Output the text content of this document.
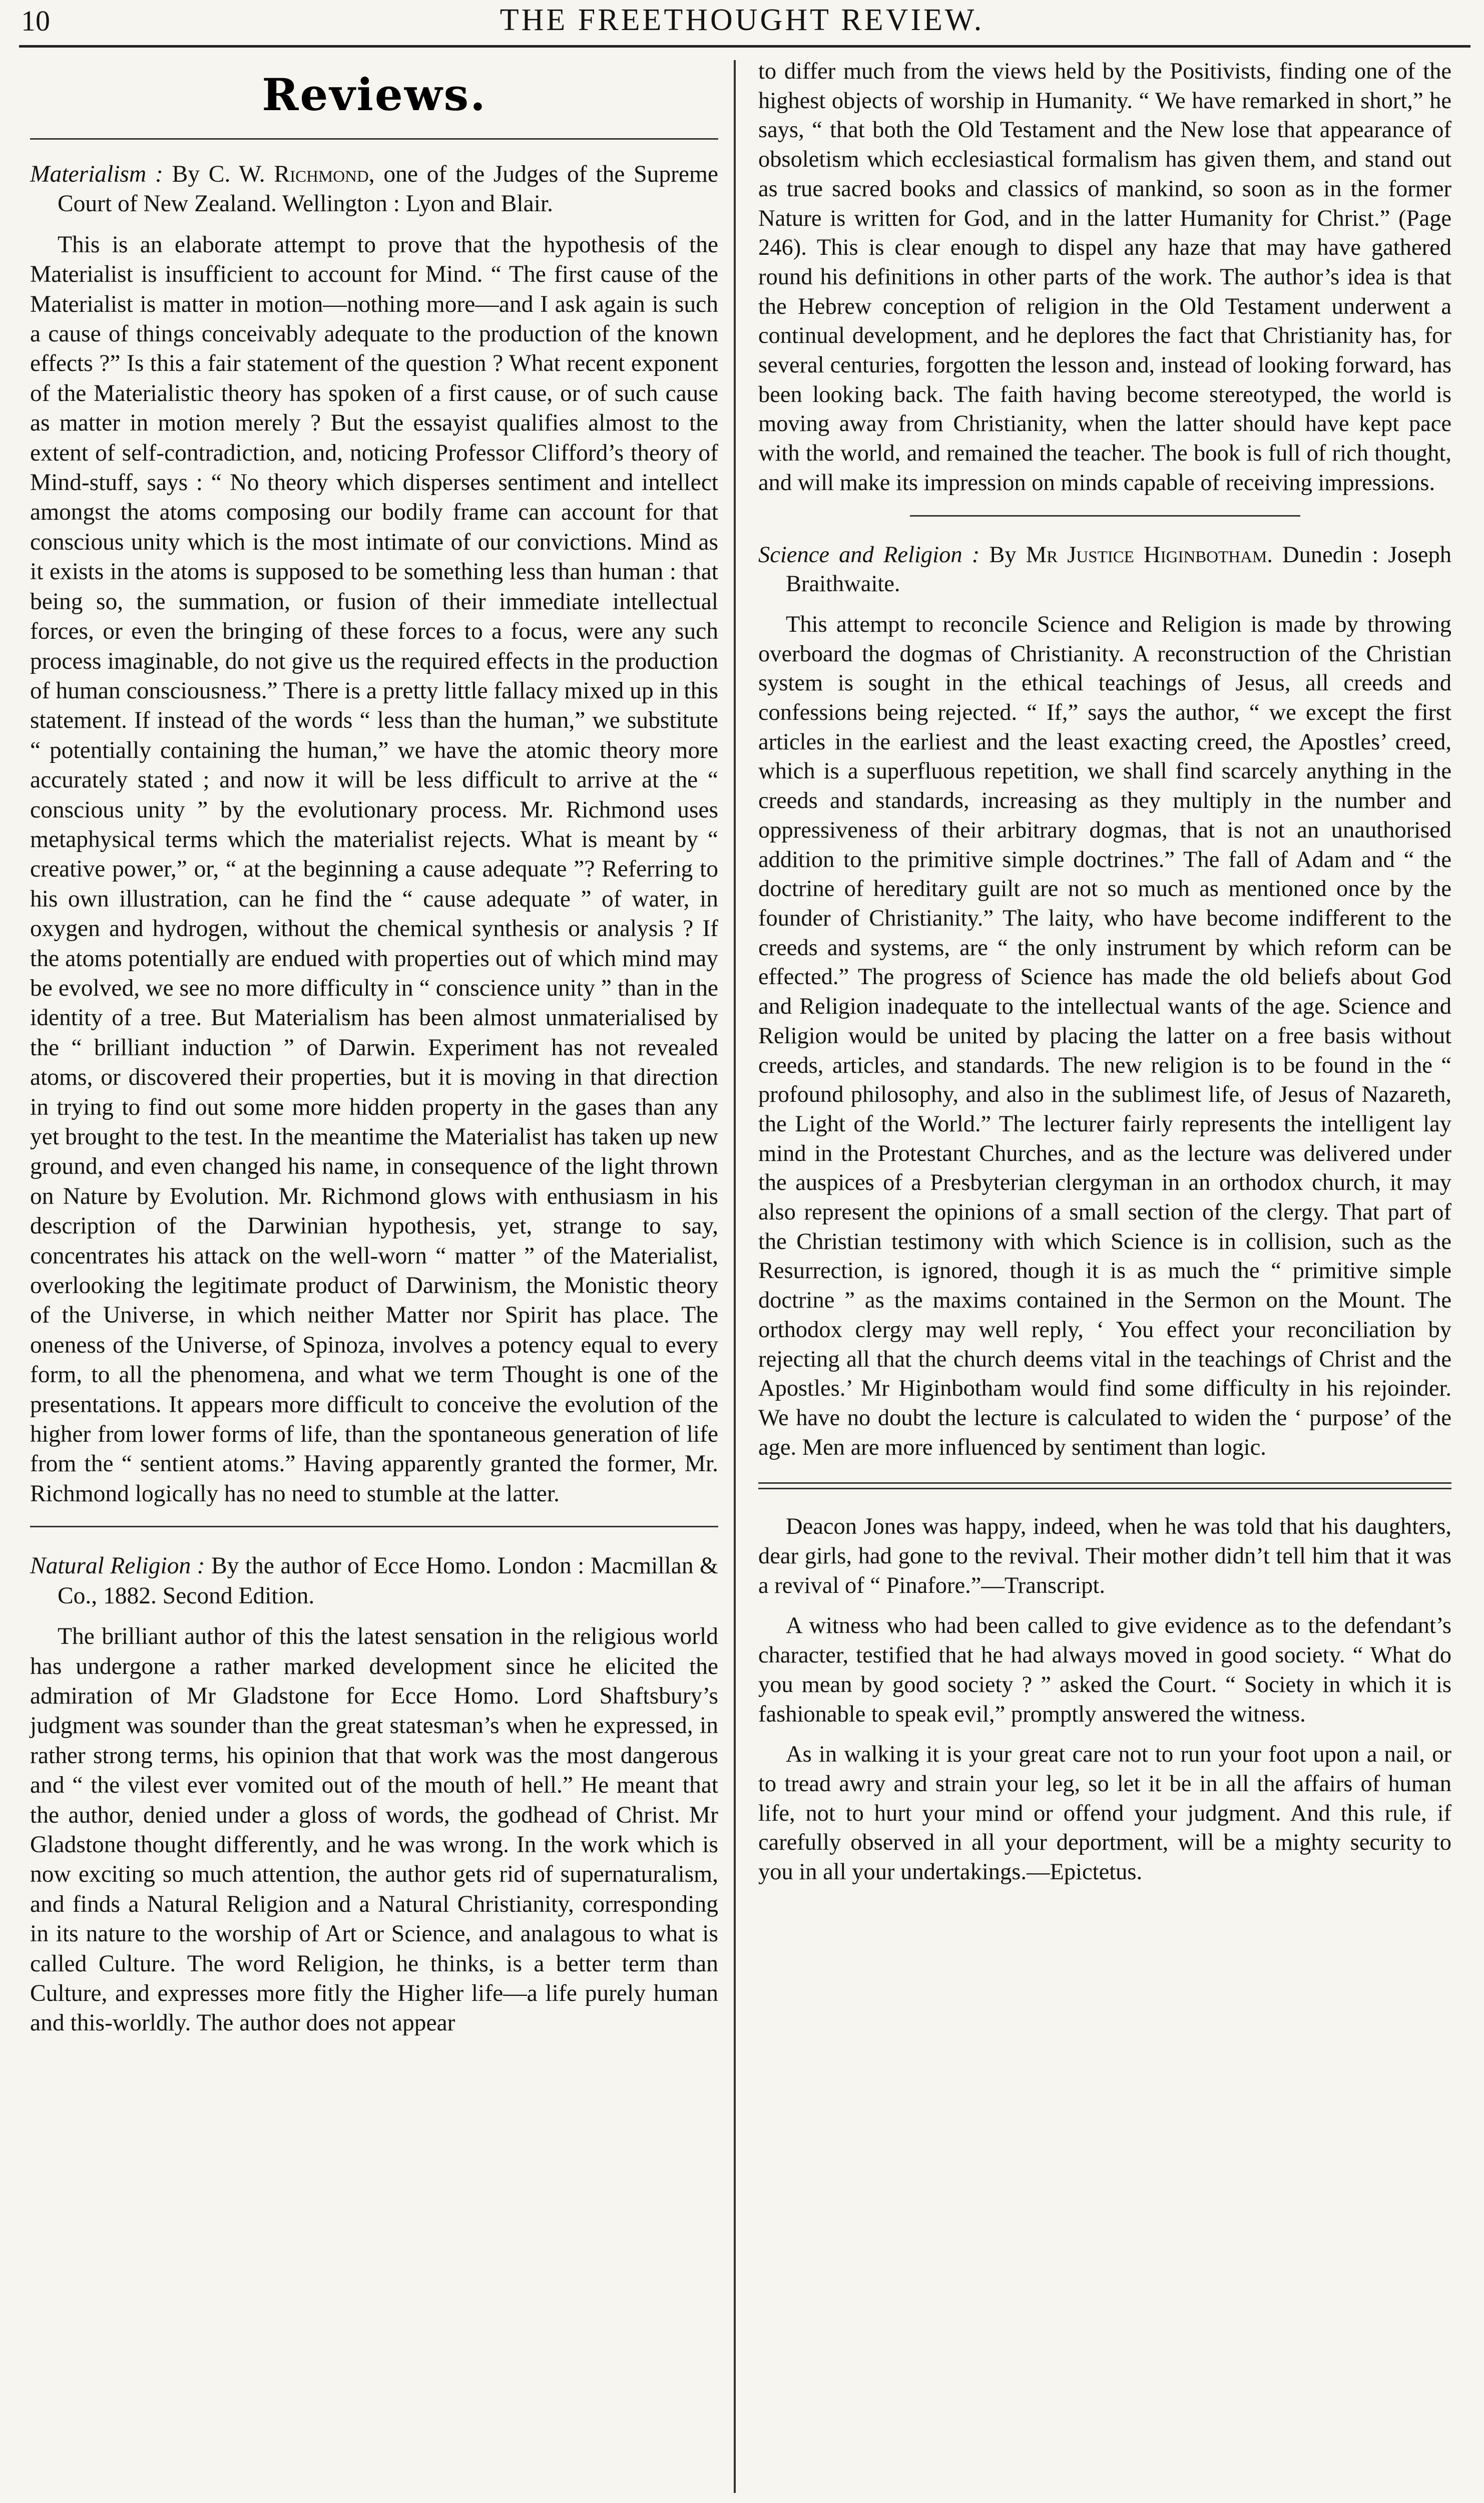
10	THE FREETHOUGHT REVIEW.
Reviews.

Materialism : By C. W. Richmond, one of the Judges of the Supreme Court of New Zealand. Wellington : Lyon and Blair.

This is an elaborate attempt to prove that the hypothesis of the Materialist is insufficient to account for Mind. “ The first cause of the Materialist is matter in motion—nothing more—and I ask again is such a cause of things conceivably adequate to the production of the known effects ?” Is this a fair statement of the question ? What recent exponent of the Materialistic theory has spoken of a first cause, or of such cause as matter in motion merely ? But the essayist qualifies almost to the extent of self-contradiction, and, noticing Professor Clifford’s theory of Mind-stuff, says : “ No theory which disperses sentiment and intellect amongst the atoms composing our bodily frame can account for that conscious unity which is the most intimate of our convictions. Mind as it exists in the atoms is supposed to be something less than human : that being so, the summation, or fusion of their immediate intellectual forces, or even the bringing of these forces to a focus, were any such process imaginable, do not give us the required effects in the production of human consciousness.” There is a pretty little fallacy mixed up in this statement. If instead of the words “ less than the human,” we substitute “ potentially containing the human,” we have the atomic theory more accurately stated ; and now it will be less difficult to arrive at the “ conscious unity ” by the evolutionary process. Mr. Richmond uses metaphysical terms which the materialist rejects. What is meant by “ creative power,” or, “ at the beginning a cause adequate ”? Referring to his own illustration, can he find the “ cause adequate ” of water, in oxygen and hydrogen, without the chemical synthesis or analysis ? If the atoms potentially are endued with properties out of which mind may be evolved, we see no more difficulty in “ conscience unity ” than in the identity of a tree. But Materialism has been almost unmaterialised by the “ brilliant induction ” of Darwin. Experiment has not revealed atoms, or discovered their properties, but it is moving in that direction in trying to find out some more hidden property in the gases than any yet brought to the test. In the meantime the Materialist has taken up new ground, and even changed his name, in consequence of the light thrown on Nature by Evolution. Mr. Richmond glows with enthusiasm in his description of the Darwinian hypothesis, yet, strange to say, concentrates his attack on the well-worn “ matter ” of the Materialist, overlooking the legitimate product of Darwinism, the Monistic theory of the Universe, in which neither Matter nor Spirit has place. The oneness of the Universe, of Spinoza, involves a potency equal to every form, to all the phenomena, and what we term Thought is one of the presentations. It appears more difficult to conceive the evolution of the higher from lower forms of life, than the spontaneous generation of life from the “ sentient atoms.” Having apparently granted the former, Mr. Richmond logically has no need to stumble at the latter.

Natural Religion : By the author of Ecce Homo. London : Macmillan & Co., 1882. Second Edition.

The brilliant author of this the latest sensation in the religious world has undergone a rather marked development since he elicited the admiration of Mr Gladstone for Ecce Homo. Lord Shaftsbury’s judgment was sounder than the great statesman’s when he expressed, in rather strong terms, his opinion that that work was the most dangerous and “ the vilest ever vomited out of the mouth of hell.” He meant that the author, denied under a gloss of words, the godhead of Christ. Mr Gladstone thought differently, and he was wrong. In the work which is now exciting so much attention, the author gets rid of supernaturalism, and finds a Natural Religion and a Natural Christianity, corresponding in its nature to the worship of Art or Science, and analagous to what is called Culture. The word Religion, he thinks, is a better term than Culture, and expresses more fitly the Higher life—a life purely human and this-worldly. The author does not appear

to differ much from the views held by the Positivists, finding one of the highest objects of worship in Humanity. “ We have remarked in short,” he says, “ that both the Old Testament and the New lose that appearance of obsoletism which ecclesiastical formalism has given them, and stand out as true sacred books and classics of mankind, so soon as in the former Nature is written for God, and in the latter Humanity for Christ.” (Page 246). This is clear enough to dispel any haze that may have gathered round his definitions in other parts of the work. The author’s idea is that the Hebrew conception of religion in the Old Testament underwent a continual development, and he deplores the fact that Christianity has, for several centuries, forgotten the lesson and, instead of looking forward, has been looking back. The faith having become stereotyped, the world is moving away from Christianity, when the latter should have kept pace with the world, and remained the teacher. The book is full of rich thought, and will make its impression on minds capable of receiving impressions.

Science and Religion : By Mr Justice Higinbotham. Dunedin : Joseph Braithwaite.

This attempt to reconcile Science and Religion is made by throwing overboard the dogmas of Christianity. A reconstruction of the Christian system is sought in the ethical teachings of Jesus, all creeds and confessions being rejected. “ If,” says the author, “ we except the first articles in the earliest and the least exacting creed, the Apostles’ creed, which is a superfluous repetition, we shall find scarcely anything in the creeds and standards, increasing as they multiply in the number and oppressiveness of their arbitrary dogmas, that is not an unauthorised addition to the primitive simple doctrines.” The fall of Adam and “ the doctrine of hereditary guilt are not so much as mentioned once by the founder of Christianity.” The laity, who have become indifferent to the creeds and systems, are “ the only instrument by which reform can be effected.” The progress of Science has made the old beliefs about God and Religion inadequate to the intellectual wants of the age. Science and Religion would be united by placing the latter on a free basis without creeds, articles, and standards. The new religion is to be found in the “ profound philosophy, and also in the sublimest life, of Jesus of Nazareth, the Light of the World.” The lecturer fairly represents the intelligent lay mind in the Protestant Churches, and as the lecture was delivered under the auspices of a Presbyterian clergyman in an orthodox church, it may also represent the opinions of a small section of the clergy. That part of the Christian testimony with which Science is in collision, such as the Resurrection, is ignored, though it is as much the “ primitive simple doctrine ” as the maxims contained in the Sermon on the Mount. The orthodox clergy may well reply, ‘ You effect your reconciliation by rejecting all that the church deems vital in the teachings of Christ and the Apostles.’ Mr Higinbotham would find some difficulty in his rejoinder. We have no doubt the lecture is calculated to widen the ‘ purpose’ of the age. Men are more influenced by sentiment than logic.

Deacon Jones was happy, indeed, when he was told that his daughters, dear girls, had gone to the revival. Their mother didn’t tell him that it was a revival of “ Pinafore.”—Transcript.

A witness who had been called to give evidence as to the defendant’s character, testified that he had always moved in good society. “ What do you mean by good society ? ” asked the Court. “ Society in which it is fashionable to speak evil,” promptly answered the witness.

As in walking it is your great care not to run your foot upon a nail, or to tread awry and strain your leg, so let it be in all the affairs of human life, not to hurt your mind or offend your judgment. And this rule, if carefully observed in all your deportment, will be a mighty security to you in all your undertakings.—Epictetus.
